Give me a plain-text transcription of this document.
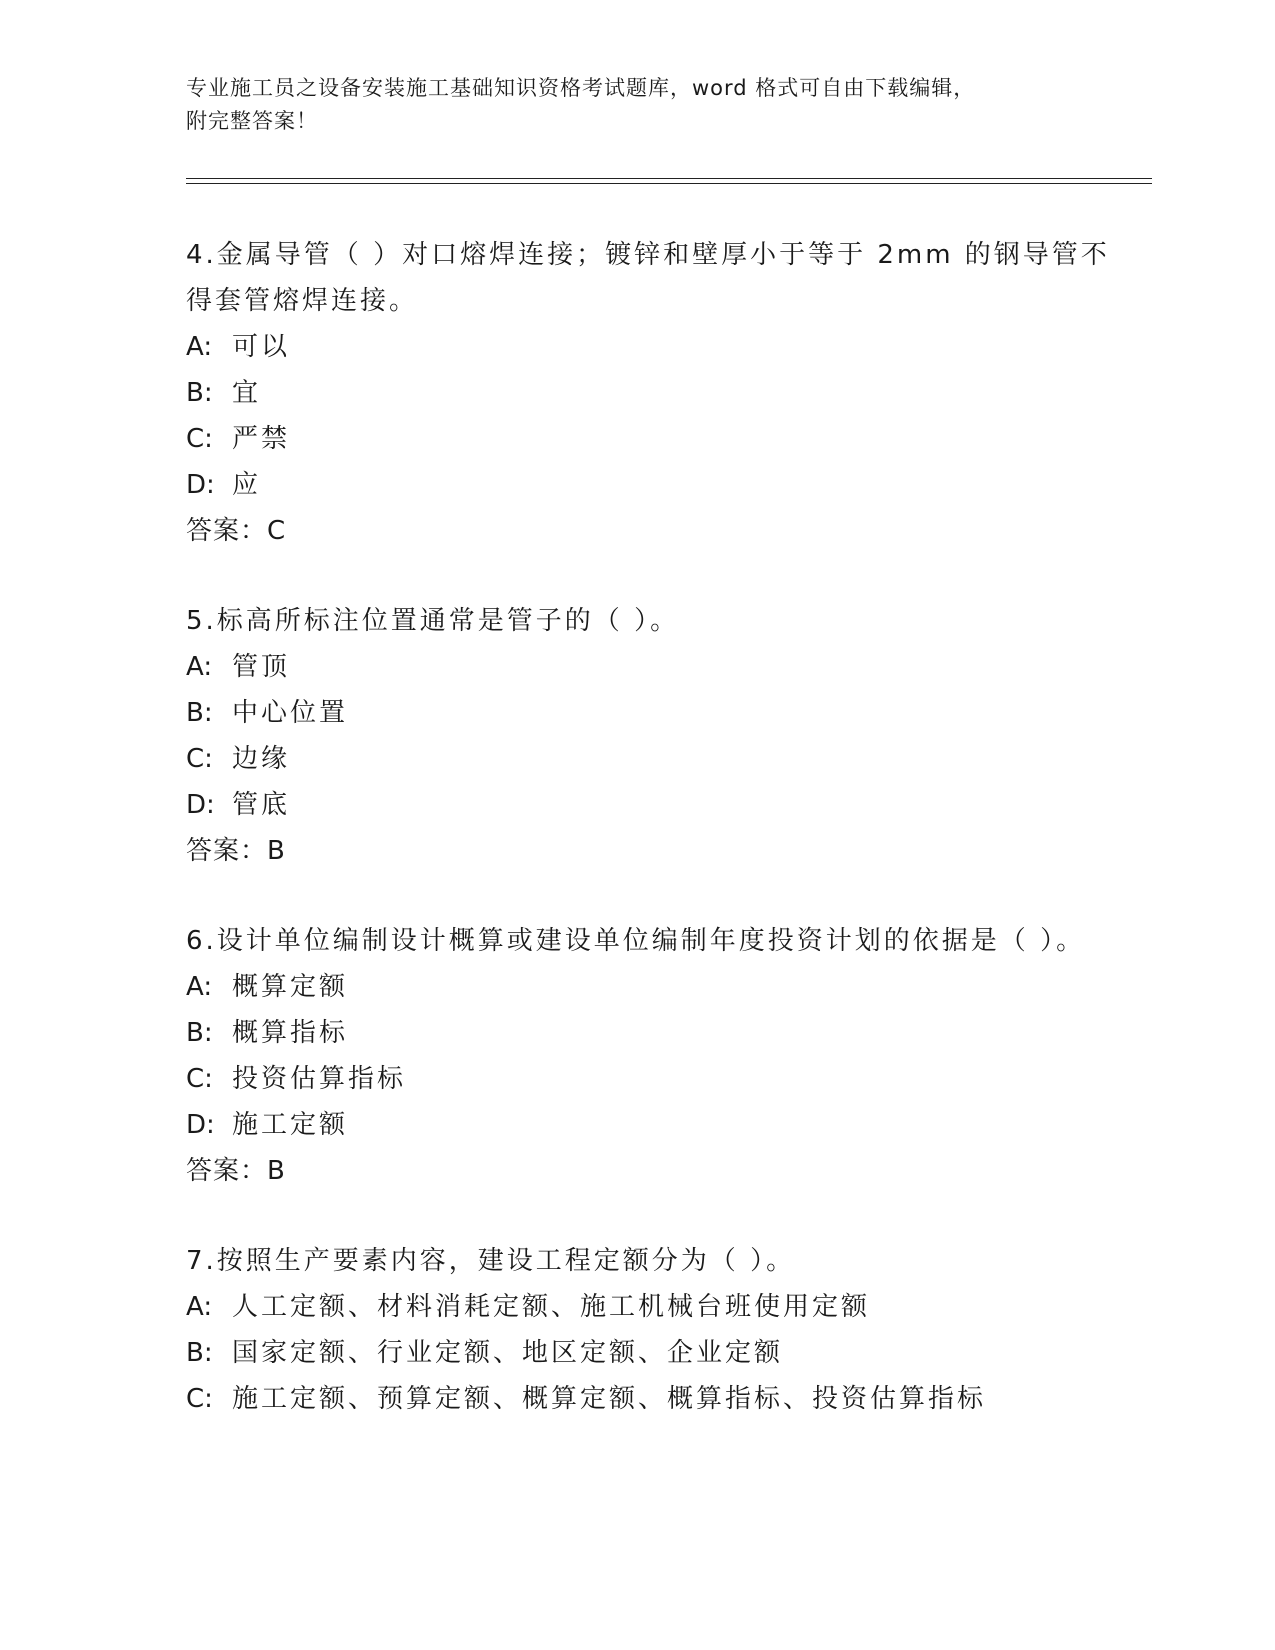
专业施工员之设备安装施工基础知识资格考试题库，word 格式可自由下载编辑，
附完整答案！
4.金属导管（ ）对口熔焊连接；镀锌和壁厚小于等于 2mm 的钢导管不得套管熔焊连接。
A: 可以
B: 宜
C: 严禁
D: 应
答案：C
5.标高所标注位置通常是管子的（ ）。
A: 管顶
B: 中心位置
C: 边缘
D: 管底
答案：B
6.设计单位编制设计概算或建设单位编制年度投资计划的依据是（ ）。
A: 概算定额
B: 概算指标
C: 投资估算指标
D: 施工定额
答案：B
7.按照生产要素内容，建设工程定额分为（ ）。
A: 人工定额、材料消耗定额、施工机械台班使用定额
B: 国家定额、行业定额、地区定额、企业定额
C: 施工定额、预算定额、概算定额、概算指标、投资估算指标
